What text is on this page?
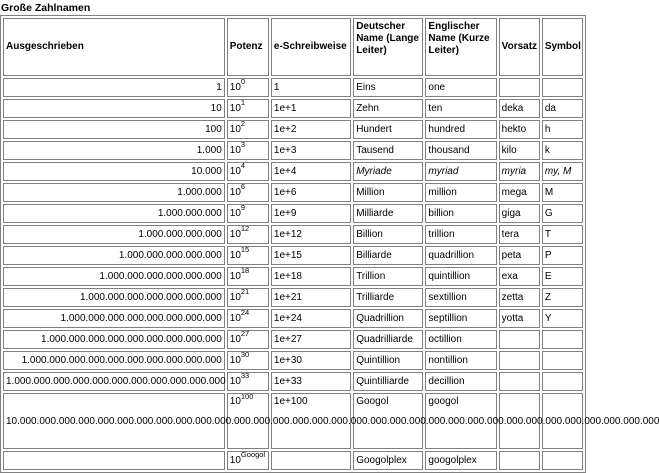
Große Zahlnamen
Ausgeschrieben	Potenz	e-Schreibweise	Deutscher Name (Lange Leiter)	Englischer Name (Kurze Leiter)	Vorsatz	Symbol
1	$10^0$	1	Eins	one		
10	$10^1$	1e+1	Zehn	ten	deka	da
100	$10^2$	1e+2	Hundert	hundred	hekto	h
1.000	$10^3$	1e+3	Tausend	thousand	kilo	k
10.000	$10^4$	1e+4	Myriade	myriad	myria	my, M
1.000.000	$10^6$	1e+6	Million	million	mega	M
1.000.000.000	$10^9$	1e+9	Milliarde	billion	giga	G
1.000.000.000.000	$10^{12}$	1e+12	Billion	trillion	tera	T
1.000.000.000.000.000	$10^{15}$	1e+15	Billiarde	quadrillion	peta	P
1.000.000.000.000.000.000	$10^{18}$	1e+18	Trillion	quintillion	exa	E
1.000.000.000.000.000.000.000	$10^{21}$	1e+21	Trilliarde	sextillion	zetta	Z
1.000.000.000.000.000.000.000.000	$10^{24}$	1e+24	Quadrillion	septillion	yotta	Y
1.000.000.000.000.000.000.000.000.000	$10^{27}$	1e+27	Quadrilliarde	octillion		
1.000.000.000.000.000.000.000.000.000.000	$10^{30}$	1e+30	Quintillion	nontillion		
1.000.000.000.000.000.000.000.000.000.000.000	$10^{33}$	1e+33	Quintilliarde	decillion		
10.000.000.000.000.000.000.000.000.000.000.000.000.000.000.000.000.000.000.000.000.000.000.000.000.000.000.000.000.000.000.000.000.000	$10^{100}$	1e+100	Googol	googol		
	$10^{Googol}$		Googolplex	googolplex		
